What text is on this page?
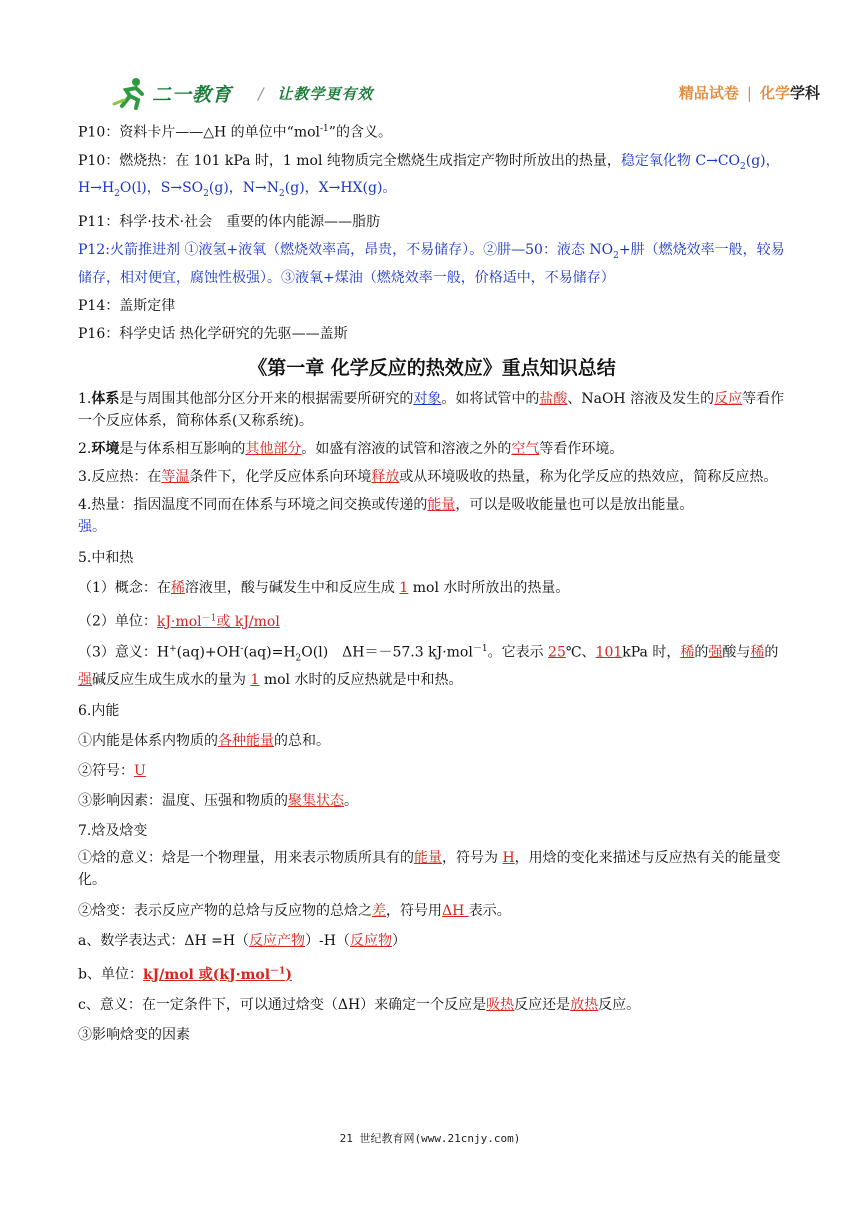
二一教育 / 让教学更有效	精品试卷 | 化学学科

P10：资料卡片——△H 的单位中“mol$^{-1}$”的含义。

P10：燃烧热：在 101 kPa 时，1 mol 纯物质完全燃烧生成指定产物时所放出的热量，稳定氧化物 $C\to CO_2(g)$，$H\to H_2O(l)$，$S\to SO_2(g)$，$N\to N_2(g)$，X→HX(g)。

P11：科学·技术·社会　重要的体内能源——脂肪

P12:火箭推进剂 ①液氢+液氧（燃烧效率高，昂贵，不易储存）。②肼—50：液态 $NO_2+$肼（燃烧效率一般，较易储存，相对便宜，腐蚀性极强）。③液氧+煤油（燃烧效率一般，价格适中，不易储存）

P14：盖斯定律

P16：科学史话 热化学研究的先驱——盖斯

《第一章 化学反应的热效应》重点知识总结

1.体系是与周围其他部分区分开来的根据需要所研究的对象。如将试管中的盐酸、NaOH 溶液及发生的反应等看作一个反应体系，简称体系(又称系统)。

2.环境是与体系相互影响的其他部分。如盛有溶液的试管和溶液之外的空气等看作环境。

3.反应热：在等温条件下，化学反应体系向环境释放或从环境吸收的热量，称为化学反应的热效应，简称反应热。

4.热量：指因温度不同而在体系与环境之间交换或传递的能量，可以是吸收能量也可以是放出能量。

强。

5.中和热

（1）概念：在稀溶液里，酸与碱发生中和反应生成 1 mol 水时所放出的热量。

（2）单位：kJ·mol$^{-1}$或 kJ/mol

（3）意义：$H^+(aq)+OH^-(aq)=H_2O(l)$　ΔH＝－57.3 kJ·mol$^{-1}$。它表示 25℃、101kPa 时，稀的强酸与稀的强碱反应生成生成水的量为 1 mol 水时的反应热就是中和热。

6.内能

①内能是体系内物质的各种能量的总和。

②符号：U

③影响因素：温度、压强和物质的聚集状态。

7.焓及焓变

①焓的意义：焓是一个物理量，用来表示物质所具有的能量，符号为 H，用焓的变化来描述与反应热有关的能量变化。

②焓变：表示反应产物的总焓与反应物的总焓之差，符号用ΔH 表示。

a、数学表达式：ΔH =H（反应产物）-H（反应物）

b、单位：kJ/mol 或(kJ·mol$^{-1}$)

c、意义：在一定条件下，可以通过焓变（ΔH）来确定一个反应是吸热反应还是放热反应。

③影响焓变的因素

21 世纪教育网(www.21cnjy.com)
